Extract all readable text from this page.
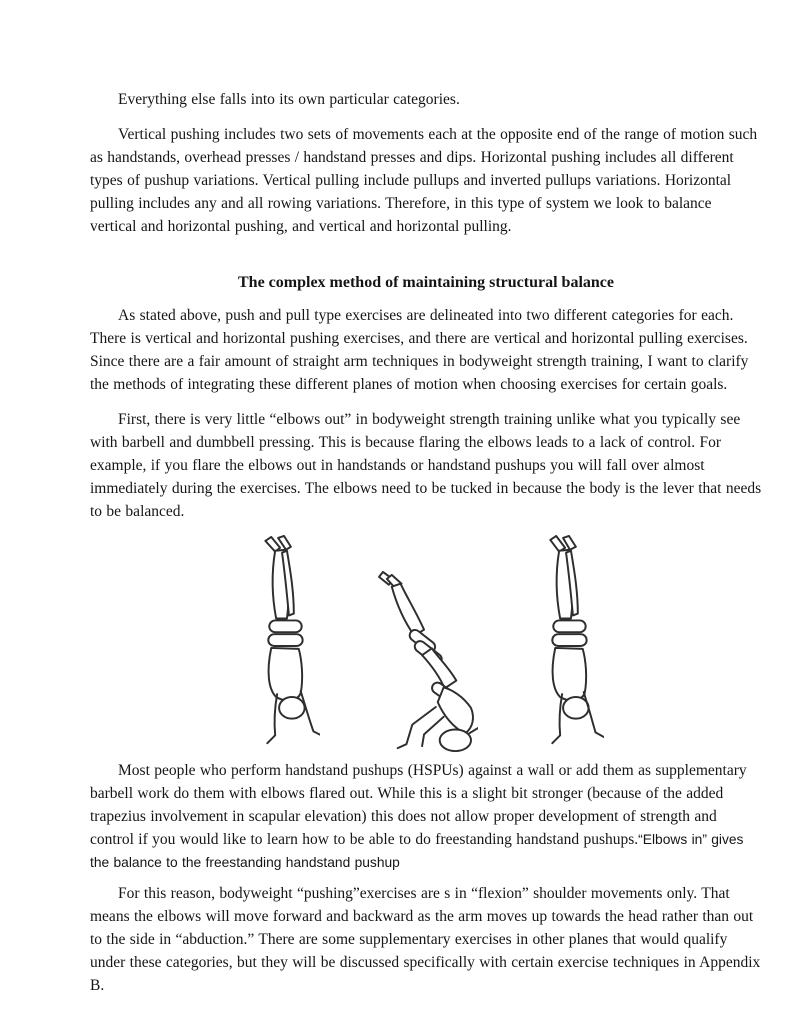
Everything else falls into its own particular categories.

Vertical pushing includes two sets of movements each at the opposite end of the range of motion such as handstands, overhead presses / handstand presses and dips. Horizontal pushing includes all different types of pushup variations. Vertical pulling include pullups and inverted pullups variations. Horizontal pulling includes any and all rowing variations. Therefore, in this type of system we look to balance vertical and horizontal pushing, and vertical and horizontal pulling.

The complex method of maintaining structural balance

As stated above, push and pull type exercises are delineated into two different categories for each. There is vertical and horizontal pushing exercises, and there are vertical and horizontal pulling exercises. Since there are a fair amount of straight arm techniques in bodyweight strength training, I want to clarify the methods of integrating these different planes of motion when choosing exercises for certain goals.

First, there is very little “elbows out” in bodyweight strength training unlike what you typically see with barbell and dumbbell pressing. This is because flaring the elbows leads to a lack of control. For example, if you flare the elbows out in handstands or handstand pushups you will fall over almost immediately during the exercises. The elbows need to be tucked in because the body is the lever that needs to be balanced.

Most people who perform handstand pushups (HSPUs) against a wall or add them as supplementary barbell work do them with elbows flared out. While this is a slight bit stronger (because of the added trapezius involvement in scapular elevation) this does not allow proper development of strength and control if you would like to learn how to be able to do freestanding handstand pushups.“Elbows in” gives the balance to the freestanding handstand pushup

For this reason, bodyweight “pushing”exercises are s in “flexion” shoulder movements only. That means the elbows will move forward and backward as the arm moves up towards the head rather than out to the side in “abduction.” There are some supplementary exercises in other planes that would qualify under these categories, but they will be discussed specifically with certain exercise techniques in Appendix B.
